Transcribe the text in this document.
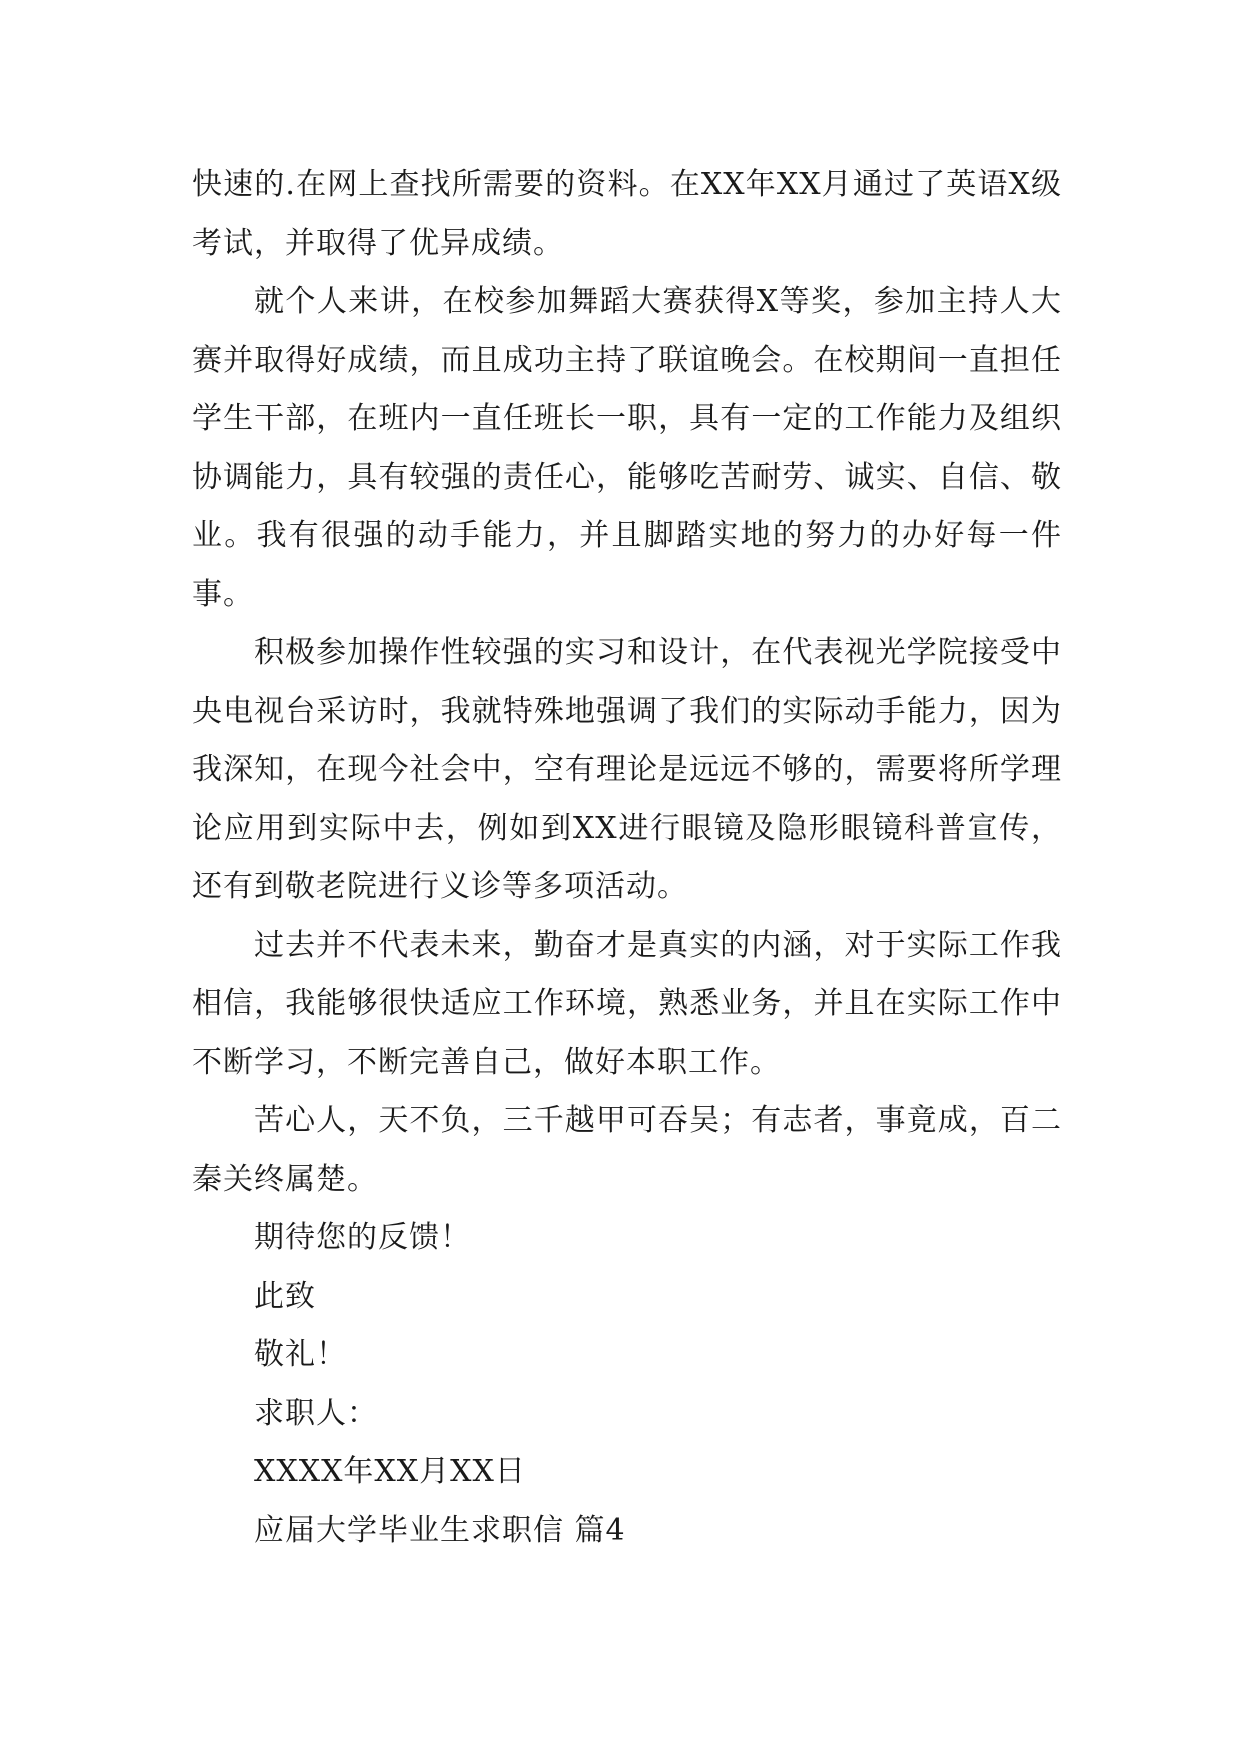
快速的.在网上查找所需要的资料。在XX年XX月通过了英语X级考试，并取得了优异成绩。

就个人来讲，在校参加舞蹈大赛获得X等奖，参加主持人大赛并取得好成绩，而且成功主持了联谊晚会。在校期间一直担任学生干部，在班内一直任班长一职，具有一定的工作能力及组织协调能力，具有较强的责任心，能够吃苦耐劳、诚实、自信、敬业。我有很强的动手能力，并且脚踏实地的努力的办好每一件事。

积极参加操作性较强的实习和设计，在代表视光学院接受中央电视台采访时，我就特殊地强调了我们的实际动手能力，因为我深知，在现今社会中，空有理论是远远不够的，需要将所学理论应用到实际中去，例如到XX进行眼镜及隐形眼镜科普宣传，还有到敬老院进行义诊等多项活动。

过去并不代表未来，勤奋才是真实的内涵，对于实际工作我相信，我能够很快适应工作环境，熟悉业务，并且在实际工作中不断学习，不断完善自己，做好本职工作。

苦心人，天不负，三千越甲可吞吴；有志者，事竟成，百二秦关终属楚。

期待您的反馈！

此致

敬礼！

求职人：

XXXX年XX月XX日

应届大学毕业生求职信 篇4
